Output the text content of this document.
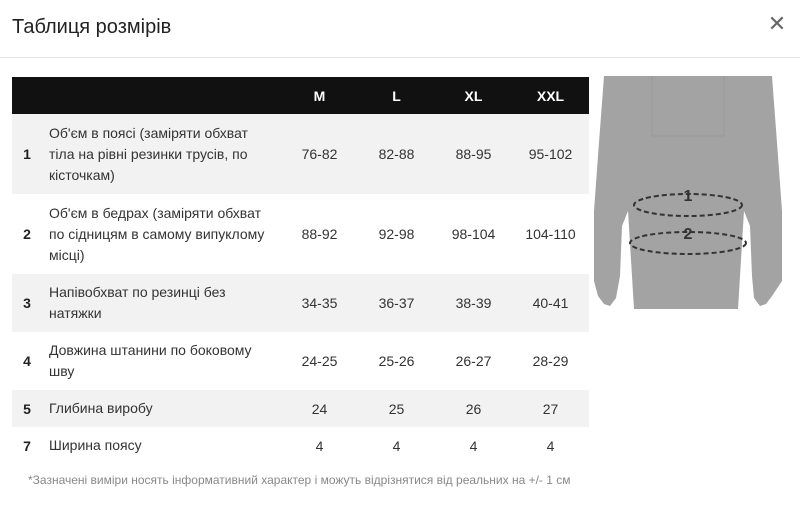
Таблиця розмірів	✕
		M	L	XL	XXL
1	Об'єм в поясі (заміряти обхват тіла на рівні резинки трусів, по кісточкам)	76-82	82-88	88-95	95-102
2	Об'єм в бедрах (заміряти обхват по сідницям в самому випуклому місці)	88-92	92-98	98-104	104-110
3	Напівобхват по резинці без натяжки	34-35	36-37	38-39	40-41
4	Довжина штанини по боковому шву	24-25	25-26	26-27	28-29
5	Глибина виробу	24	25	26	27
7	Ширина поясу	4	4	4	4
1
2
*Зазначені виміри носять інформативний характер і можуть відрізнятися від реальних на +/- 1 см
